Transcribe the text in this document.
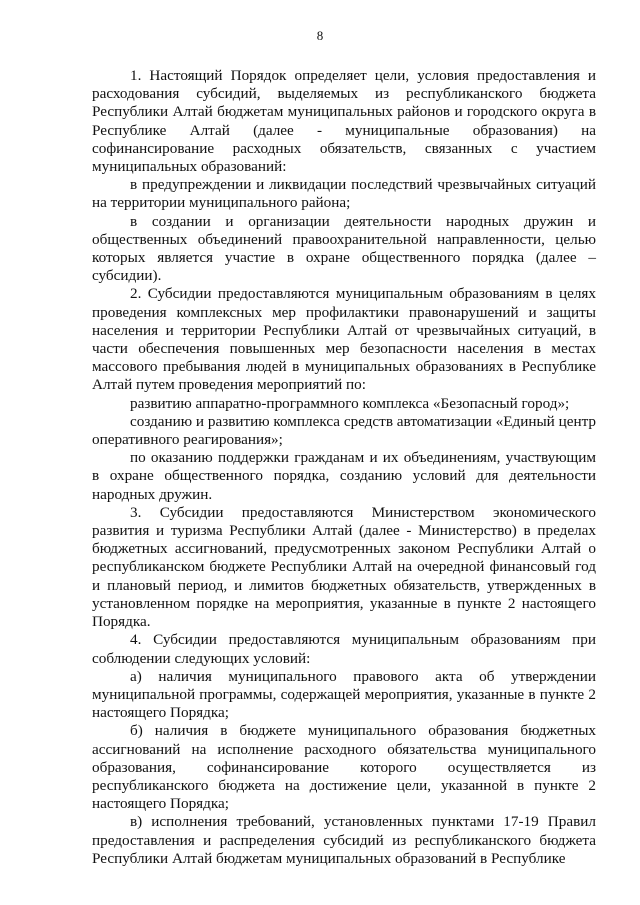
8

1. Настоящий Порядок определяет цели, условия предоставления и расходования субсидий, выделяемых из республиканского бюджета Республики Алтай бюджетам муниципальных районов и городского округа в Республике Алтай (далее - муниципальные образования) на софинансирование расходных обязательств, связанных с участием муниципальных образований:

в предупреждении и ликвидации последствий чрезвычайных ситуаций на территории муниципального района;

в создании и организации деятельности народных дружин и общественных объединений правоохранительной направленности, целью которых является участие в охране общественного порядка (далее – субсидии).

2. Субсидии предоставляются муниципальным образованиям в целях проведения комплексных мер профилактики правонарушений и защиты населения и территории Республики Алтай от чрезвычайных ситуаций, в части обеспечения повышенных мер безопасности населения в местах массового пребывания людей в муниципальных образованиях в Республике Алтай путем проведения мероприятий по:

развитию аппаратно-программного комплекса «Безопасный город»;

созданию и развитию комплекса средств автоматизации «Единый центр оперативного реагирования»;

по оказанию поддержки гражданам и их объединениям, участвующим в охране общественного порядка, созданию условий для деятельности народных дружин.

3. Субсидии предоставляются Министерством экономического развития и туризма Республики Алтай (далее - Министерство) в пределах бюджетных ассигнований, предусмотренных законом Республики Алтай о республиканском бюджете Республики Алтай на очередной финансовый год и плановый период, и лимитов бюджетных обязательств, утвержденных в установленном порядке на мероприятия, указанные в пункте 2 настоящего Порядка.

4. Субсидии предоставляются муниципальным образованиям при соблюдении следующих условий:

а) наличия муниципального правового акта об утверждении муниципальной программы, содержащей мероприятия, указанные в пункте 2 настоящего Порядка;

б) наличия в бюджете муниципального образования бюджетных ассигнований на исполнение расходного обязательства муниципального образования, софинансирование которого осуществляется из республиканского бюджета на достижение цели, указанной в пункте 2 настоящего Порядка;

в) исполнения требований, установленных пунктами 17-19 Правил предоставления и распределения субсидий из республиканского бюджета Республики Алтай бюджетам муниципальных образований в Республике
